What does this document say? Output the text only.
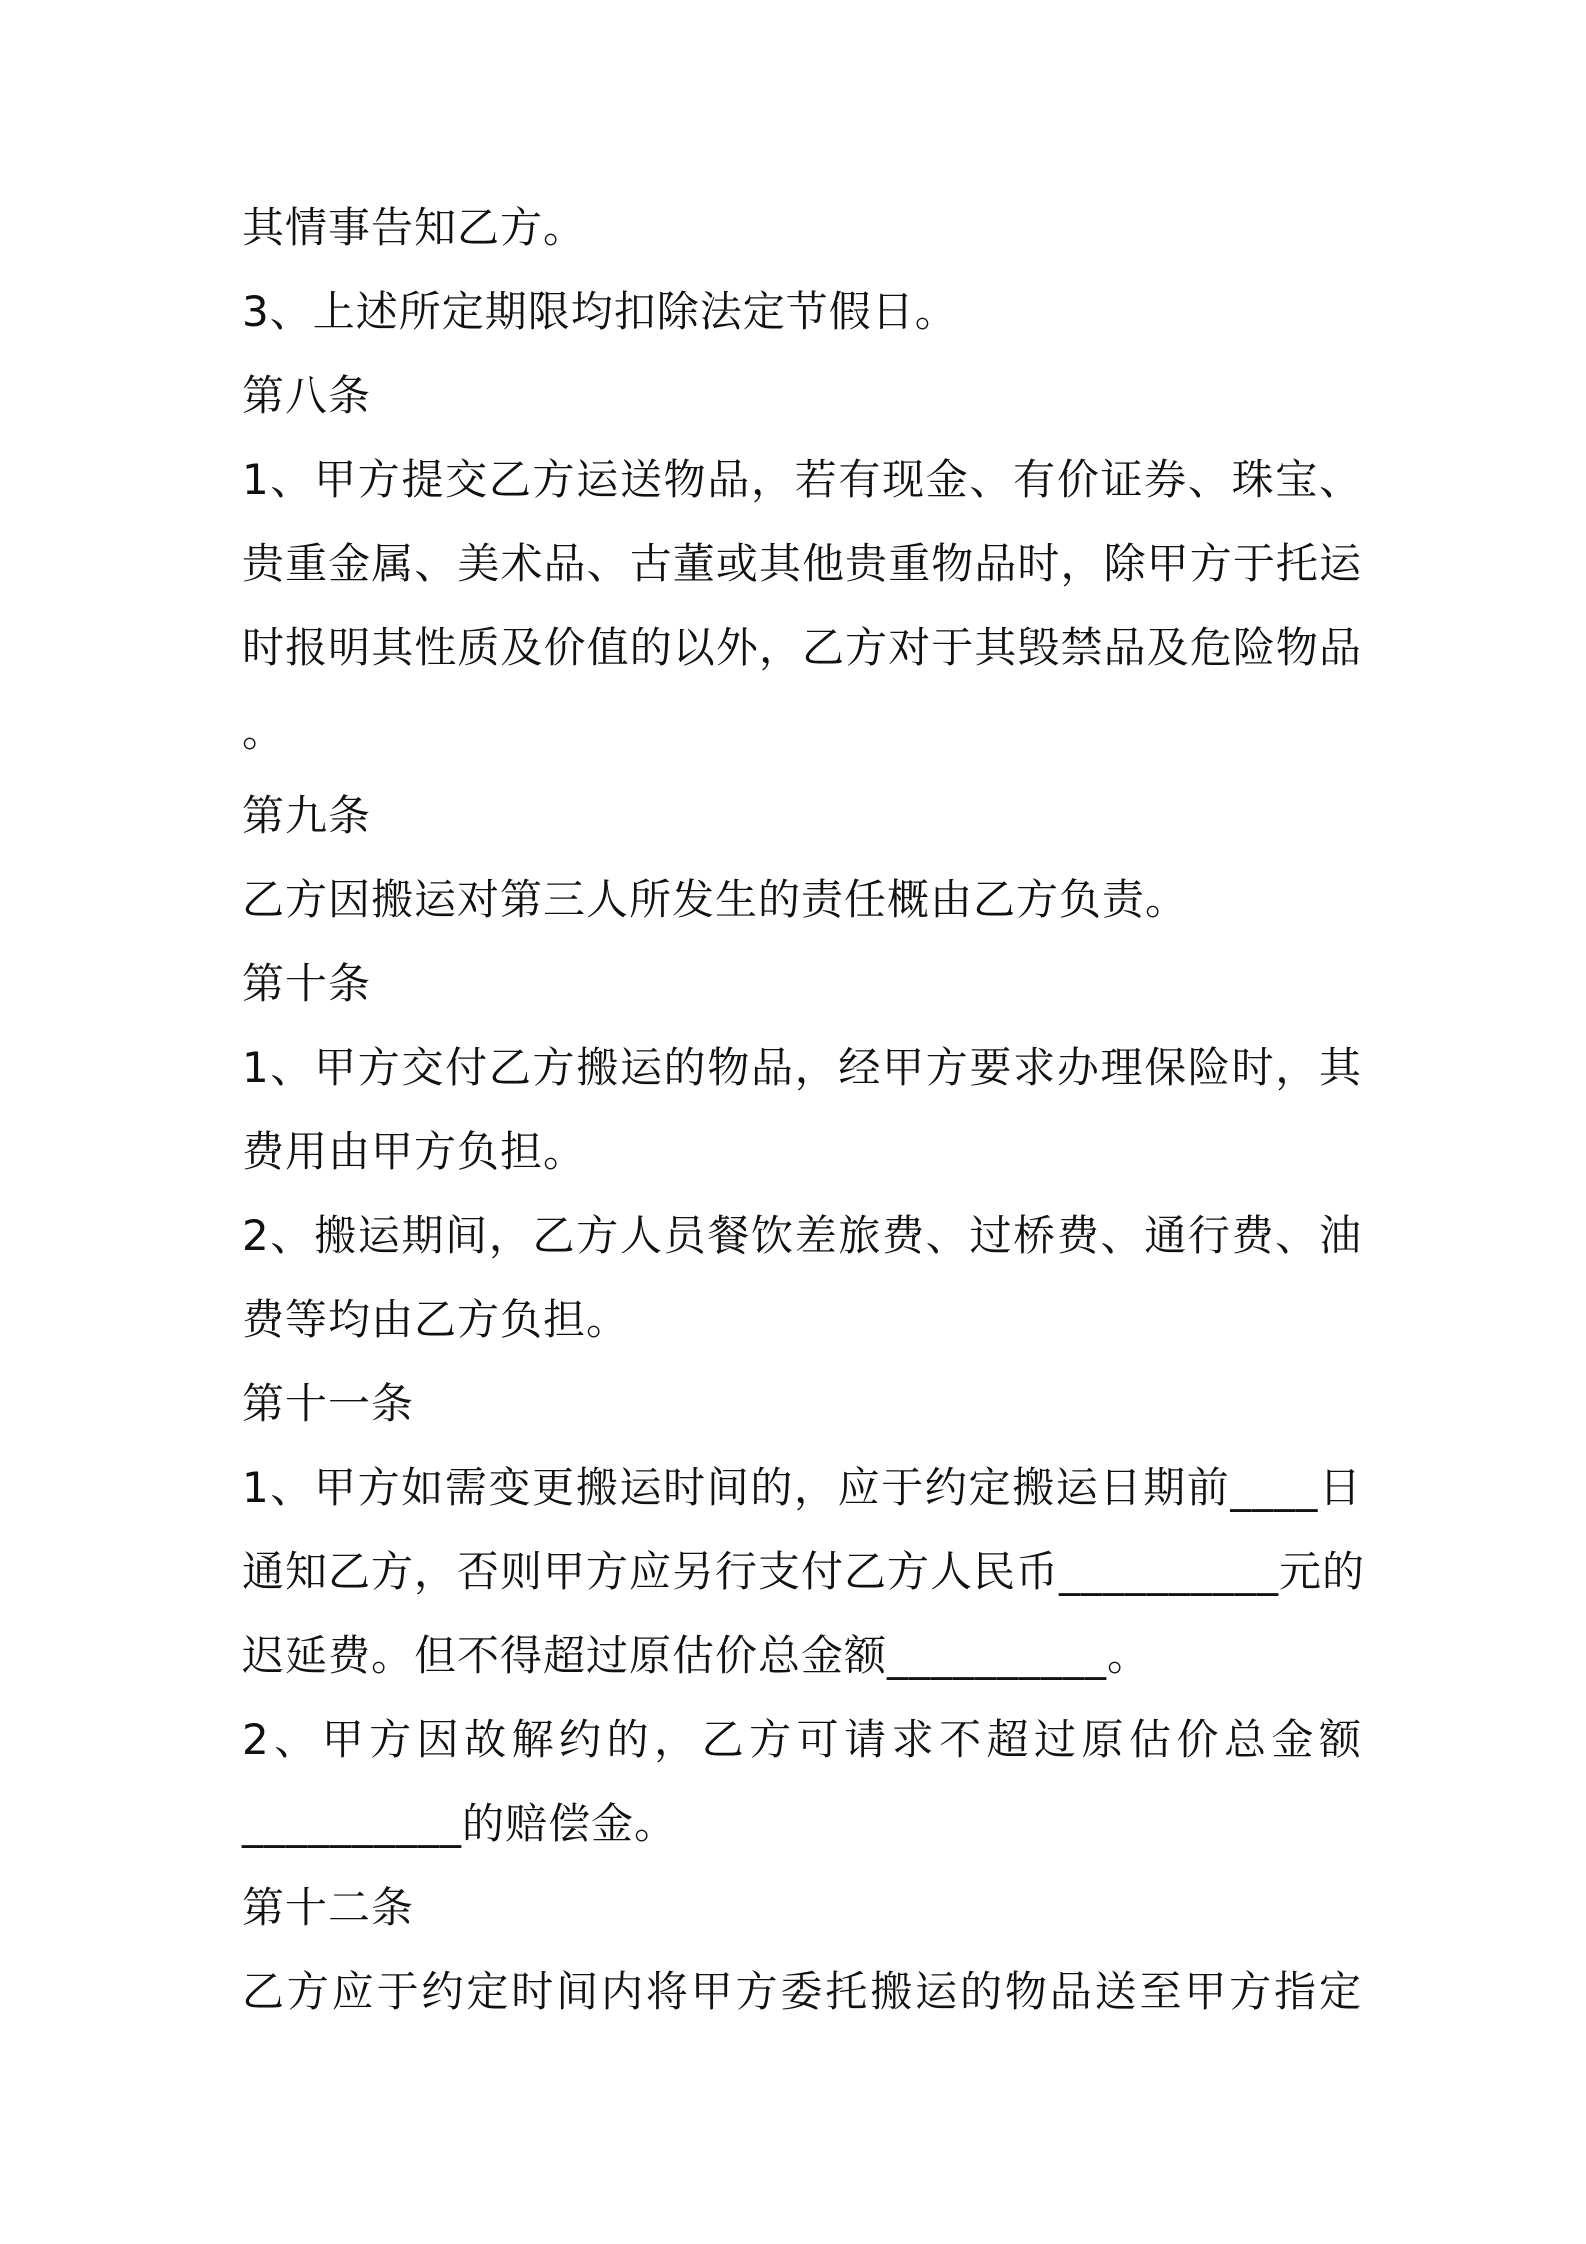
其情事告知乙方。
3、上述所定期限均扣除法定节假日。
第八条
1、甲方提交乙方运送物品，若有现金、有价证券、珠宝、
贵重金属、美术品、古董或其他贵重物品时，除甲方于托运
时报明其性质及价值的以外，乙方对于其毁禁品及危险物品
。
第九条
乙方因搬运对第三人所发生的责任概由乙方负责。
第十条
1、甲方交付乙方搬运的物品，经甲方要求办理保险时，其
费用由甲方负担。
2、搬运期间，乙方人员餐饮差旅费、过桥费、通行费、油
费等均由乙方负担。
第十一条
1、甲方如需变更搬运时间的，应于约定搬运日期前____日
通知乙方，否则甲方应另行支付乙方人民币__________元的
迟延费。但不得超过原估价总金额__________。
2、甲方因故解约的，乙方可请求不超过原估价总金额
__________的赔偿金。
第十二条
乙方应于约定时间内将甲方委托搬运的物品送至甲方指定
